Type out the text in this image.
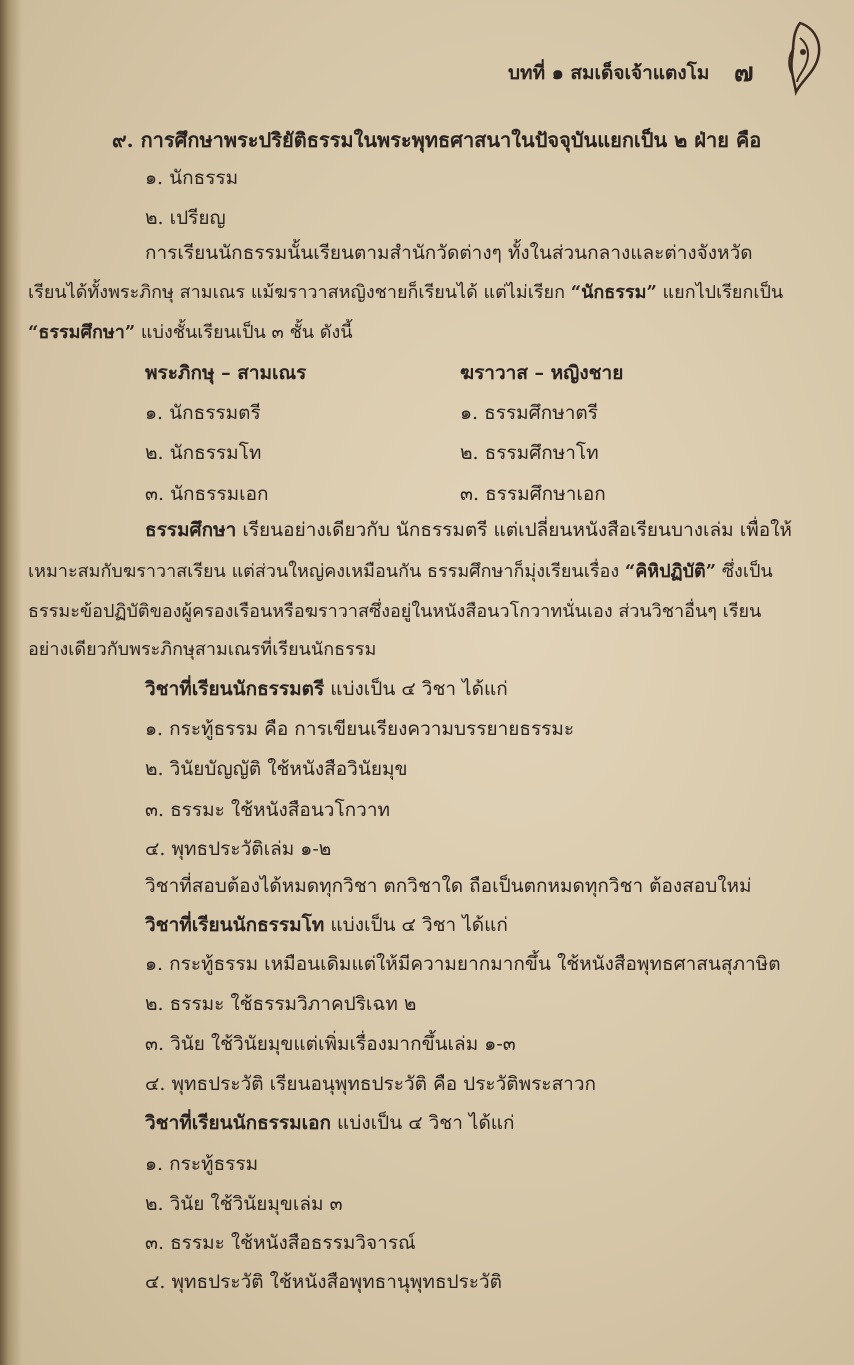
บทที่ ๑ สมเด็จเจ้าแตงโม ๗
๙. การศึกษาพระปริยัติธรรมในพระพุทธศาสนาในปัจจุบันแยกเป็น ๒ ฝ่าย คือ
๑. นักธรรม
๒. เปรียญ
การเรียนนักธรรมนั้นเรียนตามสำนักวัดต่างๆ ทั้งในส่วนกลางและต่างจังหวัด
เรียนได้ทั้งพระภิกษุ สามเณร แม้ฆราวาสหญิงชายก็เรียนได้ แต่ไม่เรียก “นักธรรม” แยกไปเรียกเป็น
“ธรรมศึกษา” แบ่งชั้นเรียนเป็น ๓ ชั้น ดังนี้
พระภิกษุ – สามเณร	ฆราวาส – หญิงชาย
๑. นักธรรมตรี
๒. นักธรรมโท
๓. นักธรรมเอก
๑. ธรรมศึกษาตรี
๒. ธรรมศึกษาโท
๓. ธรรมศึกษาเอก
ธรรมศึกษา เรียนอย่างเดียวกับ นักธรรมตรี แต่เปลี่ยนหนังสือเรียนบางเล่ม เพื่อให้
เหมาะสมกับฆราวาสเรียน แต่ส่วนใหญ่คงเหมือนกัน ธรรมศึกษาก็มุ่งเรียนเรื่อง “คิหิปฏิบัติ” ซึ่งเป็น
ธรรมะข้อปฏิบัติของผู้ครองเรือนหรือฆราวาสซึ่งอยู่ในหนังสือนวโกวาทนั่นเอง ส่วนวิชาอื่นๆ เรียน
อย่างเดียวกับพระภิกษุสามเณรที่เรียนนักธรรม
วิชาที่เรียนนักธรรมตรี แบ่งเป็น ๔ วิชา ได้แก่
๑. กระทู้ธรรม คือ การเขียนเรียงความบรรยายธรรมะ
๒. วินัยบัญญัติ ใช้หนังสือวินัยมุข
๓. ธรรมะ ใช้หนังสือนวโกวาท
๔. พุทธประวัติเล่ม ๑-๒
วิชาที่สอบต้องได้หมดทุกวิชา ตกวิชาใด ถือเป็นตกหมดทุกวิชา ต้องสอบใหม่
วิชาที่เรียนนักธรรมโท แบ่งเป็น ๔ วิชา ได้แก่
๑. กระทู้ธรรม เหมือนเดิมแต่ให้มีความยากมากขึ้น ใช้หนังสือพุทธศาสนสุภาษิต
๒. ธรรมะ ใช้ธรรมวิภาคปริเฉท ๒
๓. วินัย ใช้วินัยมุขแต่เพิ่มเรื่องมากขึ้นเล่ม ๑-๓
๔. พุทธประวัติ เรียนอนุพุทธประวัติ คือ ประวัติพระสาวก
วิชาที่เรียนนักธรรมเอก แบ่งเป็น ๔ วิชา ได้แก่
๑. กระทู้ธรรม
๒. วินัย ใช้วินัยมุขเล่ม ๓
๓. ธรรมะ ใช้หนังสือธรรมวิจารณ์
๔. พุทธประวัติ ใช้หนังสือพุทธานุพุทธประวัติ
